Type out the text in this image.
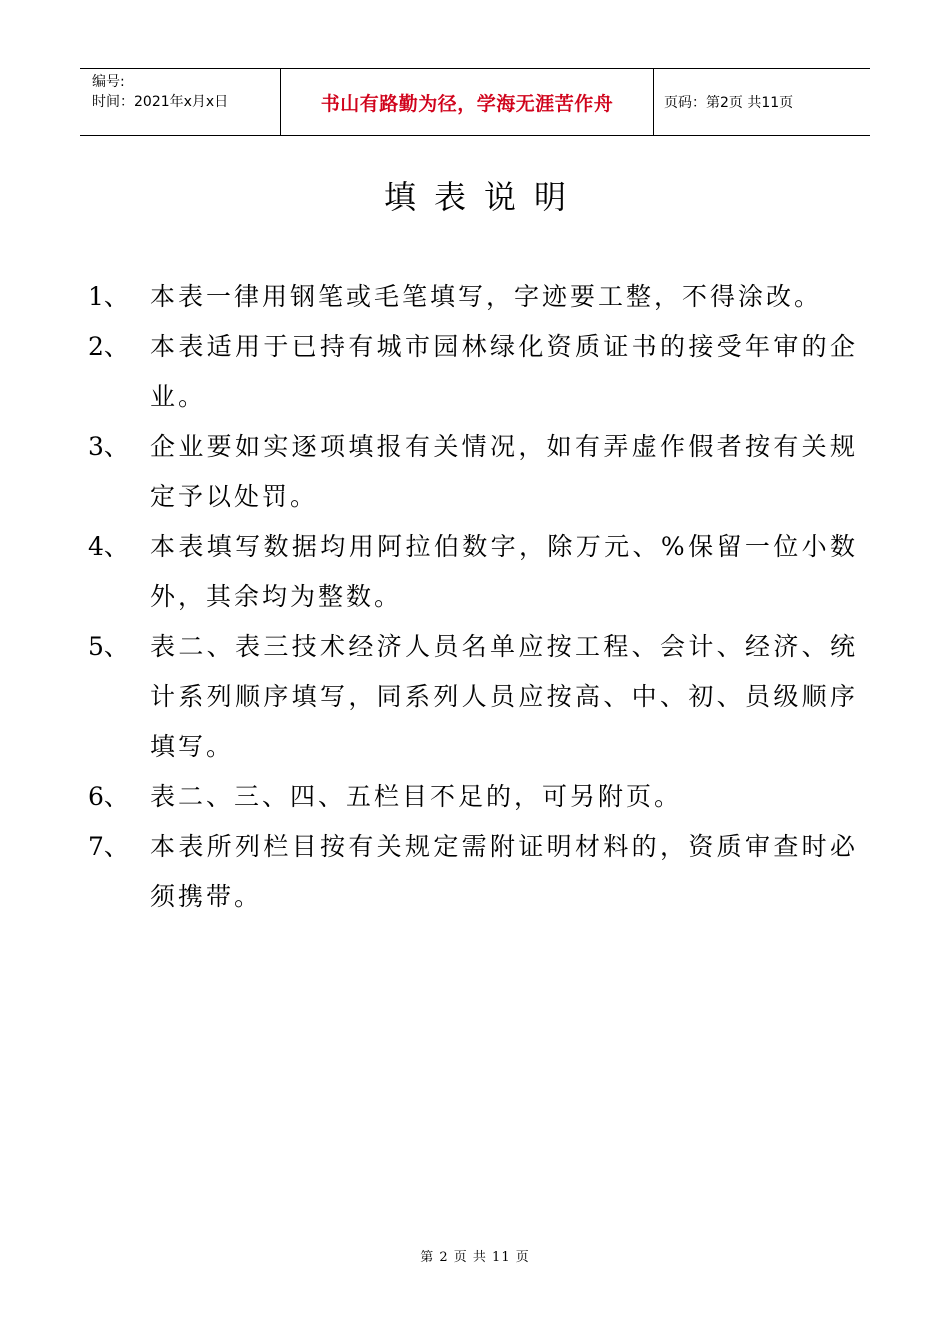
编号:
时间：2021年x月x日	书山有路勤为径，学海无涯苦作舟	页码：第2页 共11页
填表说明
1、 本表一律用钢笔或毛笔填写，字迹要工整，不得涂改。
2、 本表适用于已持有城市园林绿化资质证书的接受年审的企业。
3、 企业要如实逐项填报有关情况，如有弄虚作假者按有关规定予以处罚。
4、 本表填写数据均用阿拉伯数字，除万元、%保留一位小数外，其余均为整数。
5、 表二、表三技术经济人员名单应按工程、会计、经济、统计系列顺序填写，同系列人员应按高、中、初、员级顺序填写。
6、 表二、三、四、五栏目不足的，可另附页。
7、 本表所列栏目按有关规定需附证明材料的，资质审查时必须携带。
第 2 页 共 11 页
